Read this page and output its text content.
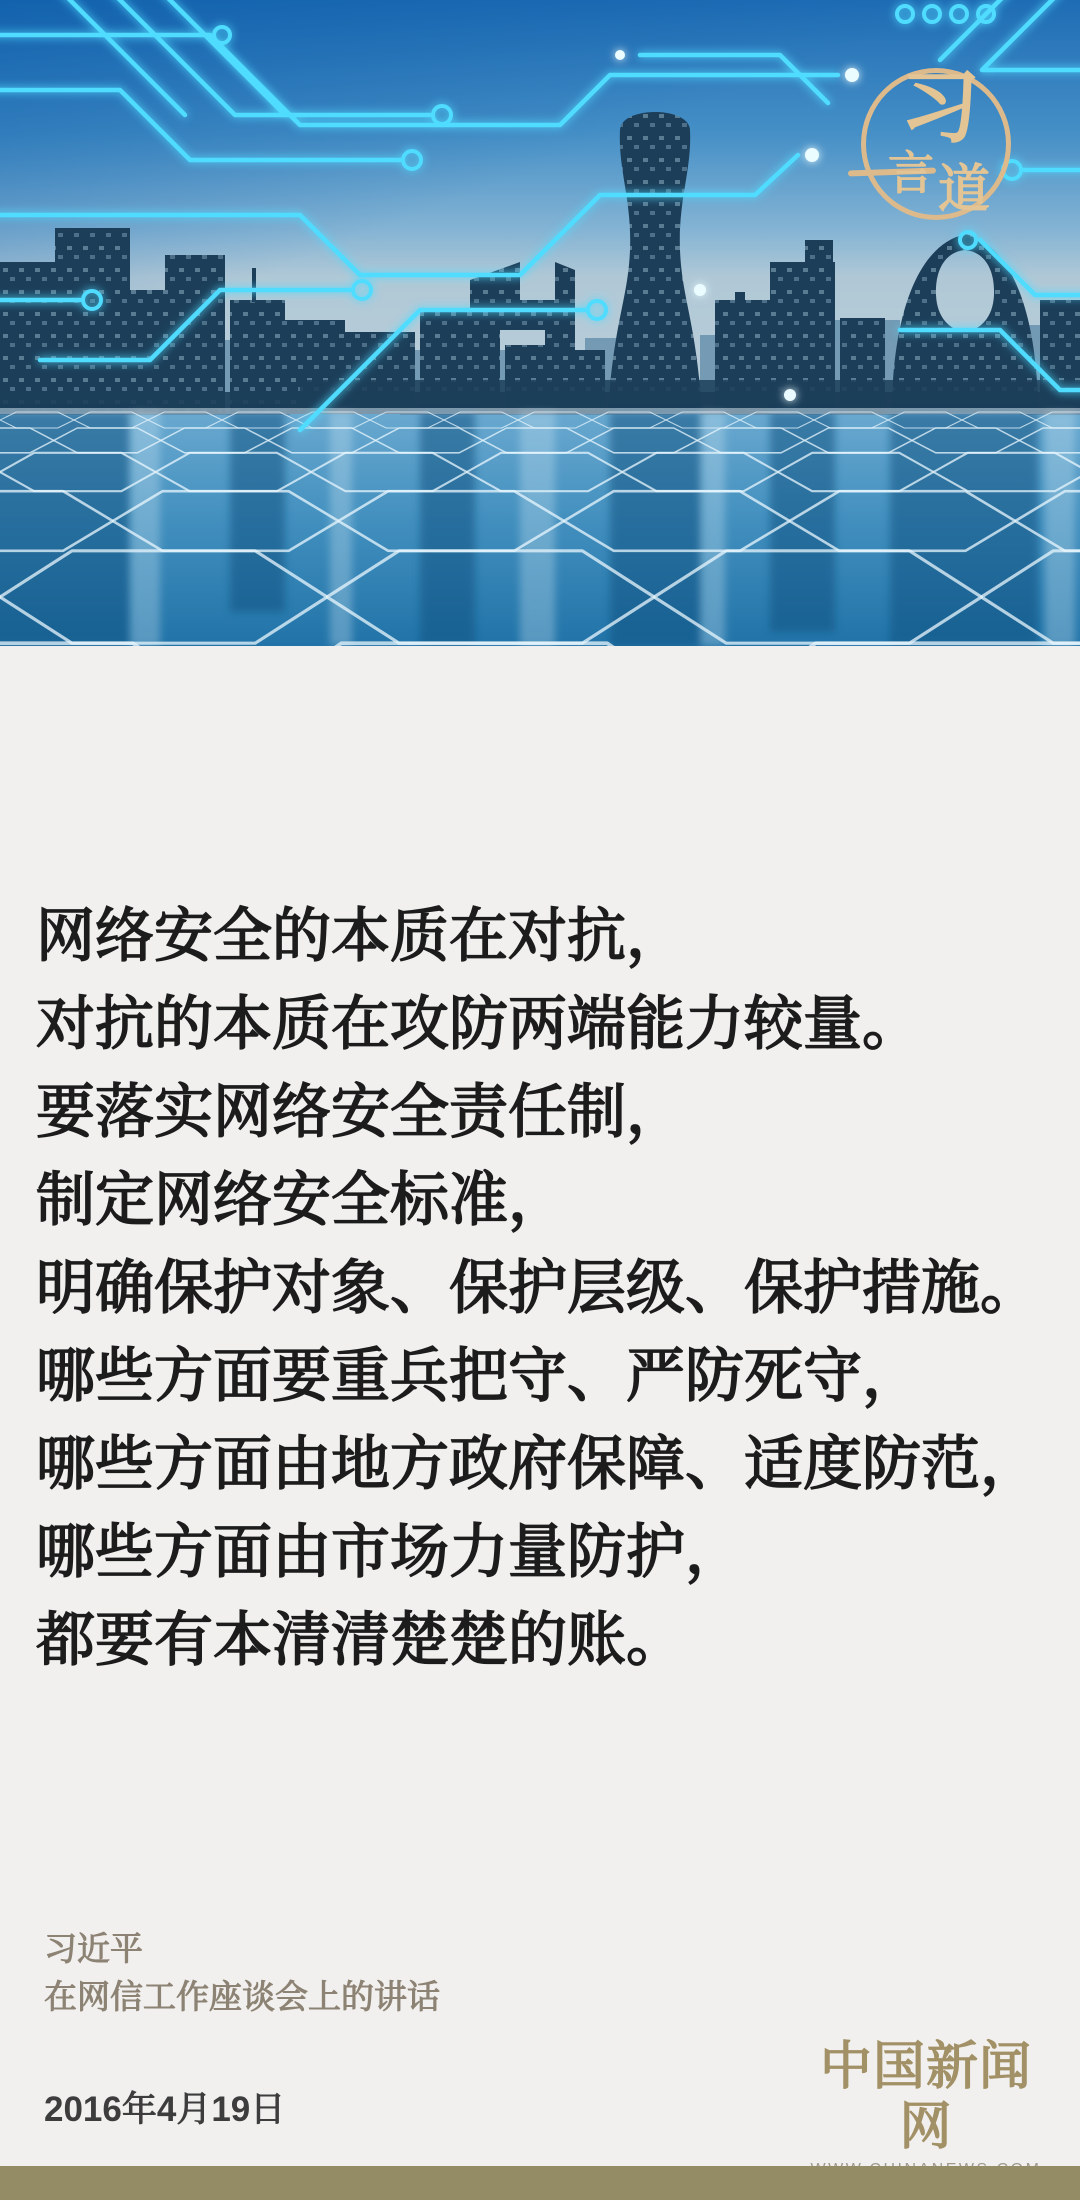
习
言 道
网络安全的本质在对抗，
对抗的本质在攻防两端能力较量。
要落实网络安全责任制，
制定网络安全标准，
明确保护对象、保护层级、保护措施。
哪些方面要重兵把守、严防死守，
哪些方面由地方政府保障、适度防范，
哪些方面由市场力量防护，
都要有本清清楚楚的账。
习近平
在网信工作座谈会上的讲话
2016年4月19日
中国新闻网
